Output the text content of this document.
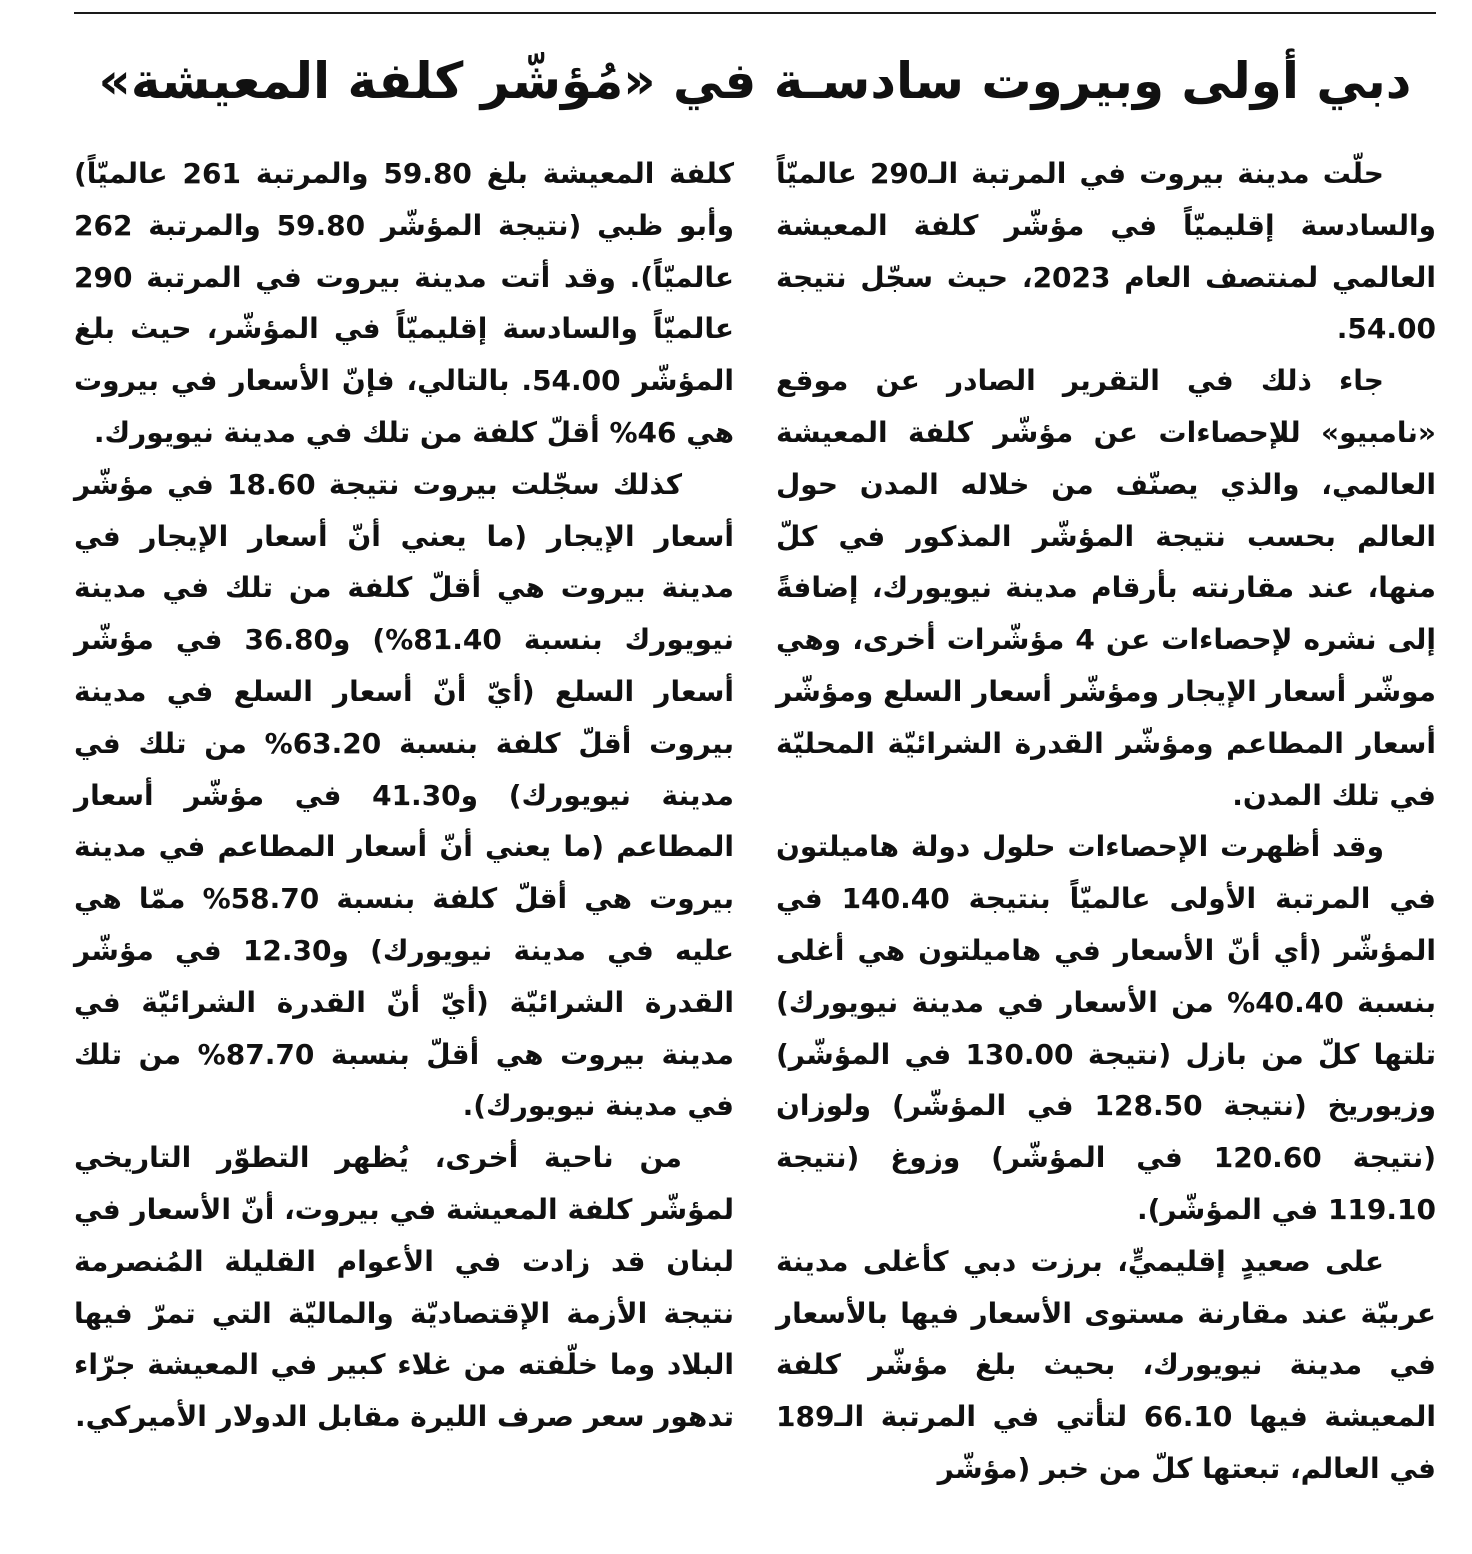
دبي أولى وبيروت سادسـة في «مُؤشّر كلفة المعيشة»

حلّت مدينة بيروت في المرتبة الـ290 عالميّاً والسادسة إقليميّاً في مؤشّر كلفة المعيشة العالمي لمنتصف العام 2023، حيث سجّل نتيجة 54.00.

جاء ذلك في التقرير الصادر عن موقع «نامبيو» للإحصاءات عن مؤشّر كلفة المعيشة العالمي، والذي يصنّف من خلاله المدن حول العالم بحسب نتيجة المؤشّر المذكور في كلّ منها، عند مقارنته بأرقام مدينة نيويورك، إضافةً إلى نشره لإحصاءات عن 4 مؤشّرات أخرى، وهي موشّر أسعار الإيجار ومؤشّر أسعار السلع ومؤشّر أسعار المطاعم ومؤشّر القدرة الشرائيّة المحليّة في تلك المدن.

وقد أظهرت الإحصاءات حلول دولة هاميلتون في المرتبة الأولى عالميّاً بنتيجة 140.40 في المؤشّر (أي أنّ الأسعار في هاميلتون هي أغلى بنسبة 40.40% من الأسعار في مدينة نيويورك) تلتها كلّ من بازل (نتيجة 130.00 في المؤشّر) وزيوريخ (نتيجة 128.50 في المؤشّر) ولوزان (نتيجة 120.60 في المؤشّر) وزوغ (نتيجة 119.10 في المؤشّر).

على صعيدٍ إقليميٍّ، برزت دبي كأغلى مدينة عربيّة عند مقارنة مستوى الأسعار فيها بالأسعار في مدينة نيويورك، بحيث بلغ مؤشّر كلفة المعيشة فيها 66.10 لتأتي في المرتبة الـ189 في العالم، تبعتها كلّ من خبر (مؤشّر

كلفة المعيشة بلغ 59.80 والمرتبة 261 عالميّاً) وأبو ظبي (نتيجة المؤشّر 59.80 والمرتبة 262 عالميّاً). وقد أتت مدينة بيروت في المرتبة 290 عالميّاً والسادسة إقليميّاً في المؤشّر، حيث بلغ المؤشّر 54.00. بالتالي، فإنّ الأسعار في بيروت هي 46% أقلّ كلفة من تلك في مدينة نيويورك.

كذلك سجّلت بيروت نتيجة 18.60 في مؤشّر أسعار الإيجار (ما يعني أنّ أسعار الإيجار في مدينة بيروت هي أقلّ كلفة من تلك في مدينة نيويورك بنسبة 81.40%) و36.80 في مؤشّر أسعار السلع (أيّ أنّ أسعار السلع في مدينة بيروت أقلّ كلفة بنسبة 63.20% من تلك في مدينة نيويورك) و41.30 في مؤشّر أسعار المطاعم (ما يعني أنّ أسعار المطاعم في مدينة بيروت هي أقلّ كلفة بنسبة 58.70% ممّا هي عليه في مدينة نيويورك) و12.30 في مؤشّر القدرة الشرائيّة (أيّ أنّ القدرة الشرائيّة في مدينة بيروت هي أقلّ بنسبة 87.70% من تلك في مدينة نيويورك).

من ناحية أخرى، يُظهر التطوّر التاريخي لمؤشّر كلفة المعيشة في بيروت، أنّ الأسعار في لبنان قد زادت في الأعوام القليلة المُنصرمة نتيجة الأزمة الإقتصاديّة والماليّة التي تمرّ فيها البلاد وما خلّفته من غلاء كبير في المعيشة جرّاء تدهور سعر صرف الليرة مقابل الدولار الأميركي.
